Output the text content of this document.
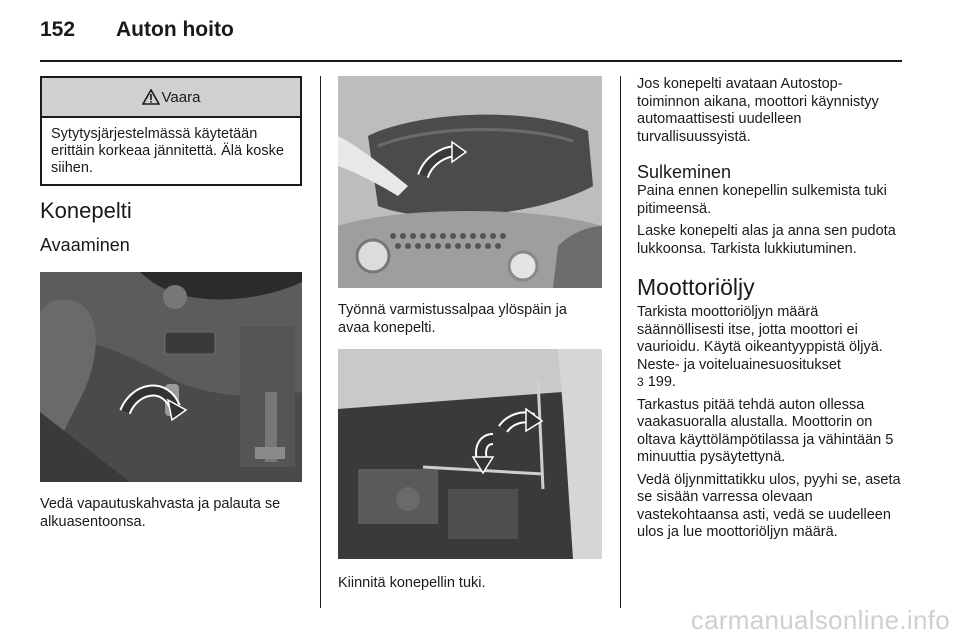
152 Auton hoito
Vaara
Sytytysjärjestelmässä käytetään erittäin korkeaa jännitettä. Älä koske siihen.
Konepelti
Avaaminen

Vedä vapautuskahvasta ja palauta se alkuasentoonsa.

Työnnä varmistussalpaa ylöspäin ja avaa konepelti.

Kiinnitä konepellin tuki.

Jos konepelti avataan Autostop-toiminnon aikana, moottori käynnistyy automaattisesti uudelleen turvallisuussyistä.

Sulkeminen

Paina ennen konepellin sulkemista tuki pitimeensä.

Laske konepelti alas ja anna sen pudota lukkoonsa. Tarkista lukkiutuminen.

Moottoriöljy

Tarkista moottoriöljyn määrä säännöllisesti itse, jotta moottori ei vaurioidu. Käytä oikeantyyppistä öljyä. Neste- ja voiteluainesuositukset
3 199.

Tarkastus pitää tehdä auton ollessa vaakasuoralla alustalla. Moottorin on oltava käyttölämpötilassa ja vähintään 5 minuuttia pysäytettynä.

Vedä öljynmittatikku ulos, pyyhi se, aseta se sisään varressa olevaan vastekohtaansa asti, vedä se uudelleen ulos ja lue moottoriöljyn määrä.

carmanualsonline.info
